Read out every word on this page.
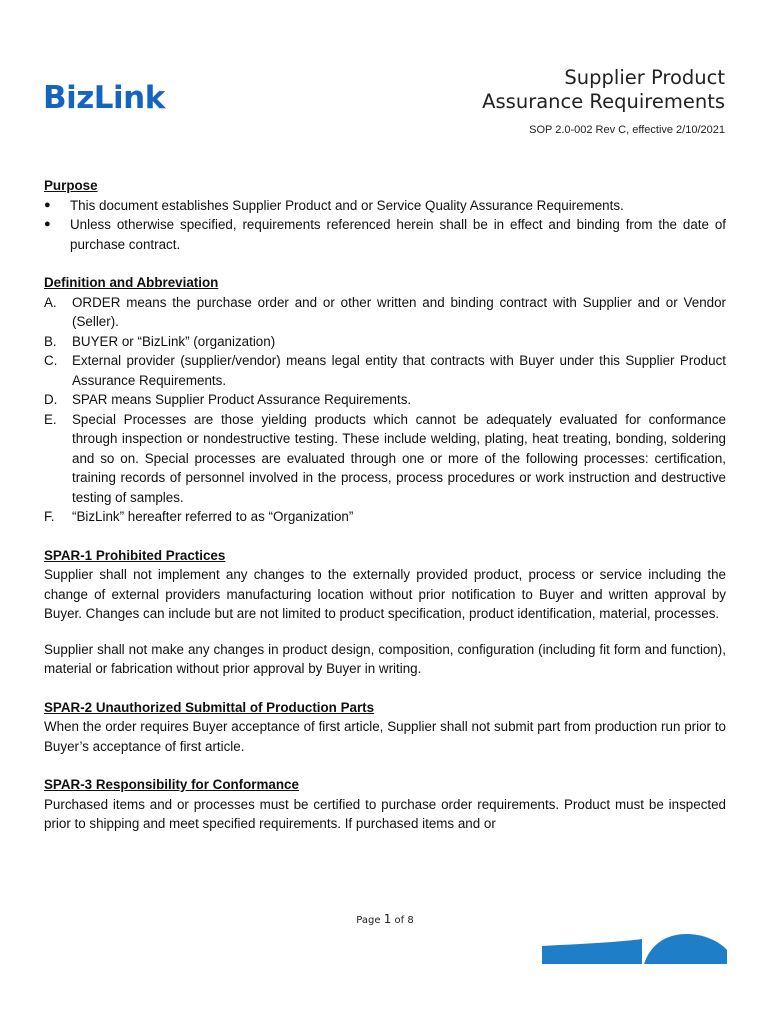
BizLink
Supplier Product
Assurance Requirements
SOP 2.0-002 Rev C, effective 2/10/2021

Purpose

●	This document establishes Supplier Product and or Service Quality Assurance Requirements.
●	Unless otherwise specified, requirements referenced herein shall be in effect and binding from the date of purchase contract.

Definition and Abbreviation

A.	ORDER means the purchase order and or other written and binding contract with Supplier and or Vendor (Seller).
B.	BUYER or “BizLink” (organization)
C.	External provider (supplier/vendor) means legal entity that contracts with Buyer under this Supplier Product Assurance Requirements.
D.	SPAR means Supplier Product Assurance Requirements.
E.	Special Processes are those yielding products which cannot be adequately evaluated for conformance through inspection or nondestructive testing. These include welding, plating, heat treating, bonding, soldering and so on. Special processes are evaluated through one or more of the following processes: certification, training records of personnel involved in the process, process procedures or work instruction and destructive testing of samples.
F.	“BizLink” hereafter referred to as “Organization”

SPAR-1 Prohibited Practices

Supplier shall not implement any changes to the externally provided product, process or service including the change of external providers manufacturing location without prior notification to Buyer and written approval by Buyer. Changes can include but are not limited to product specification, product identification, material, processes.

Supplier shall not make any changes in product design, composition, configuration (including fit form and function), material or fabrication without prior approval by Buyer in writing.

SPAR-2 Unauthorized Submittal of Production Parts

When the order requires Buyer acceptance of first article, Supplier shall not submit part from production run prior to Buyer’s acceptance of first article.

SPAR-3 Responsibility for Conformance

Purchased items and or processes must be certified to purchase order requirements. Product must be inspected prior to shipping and meet specified requirements. If purchased items and or

Page 1 of 8
